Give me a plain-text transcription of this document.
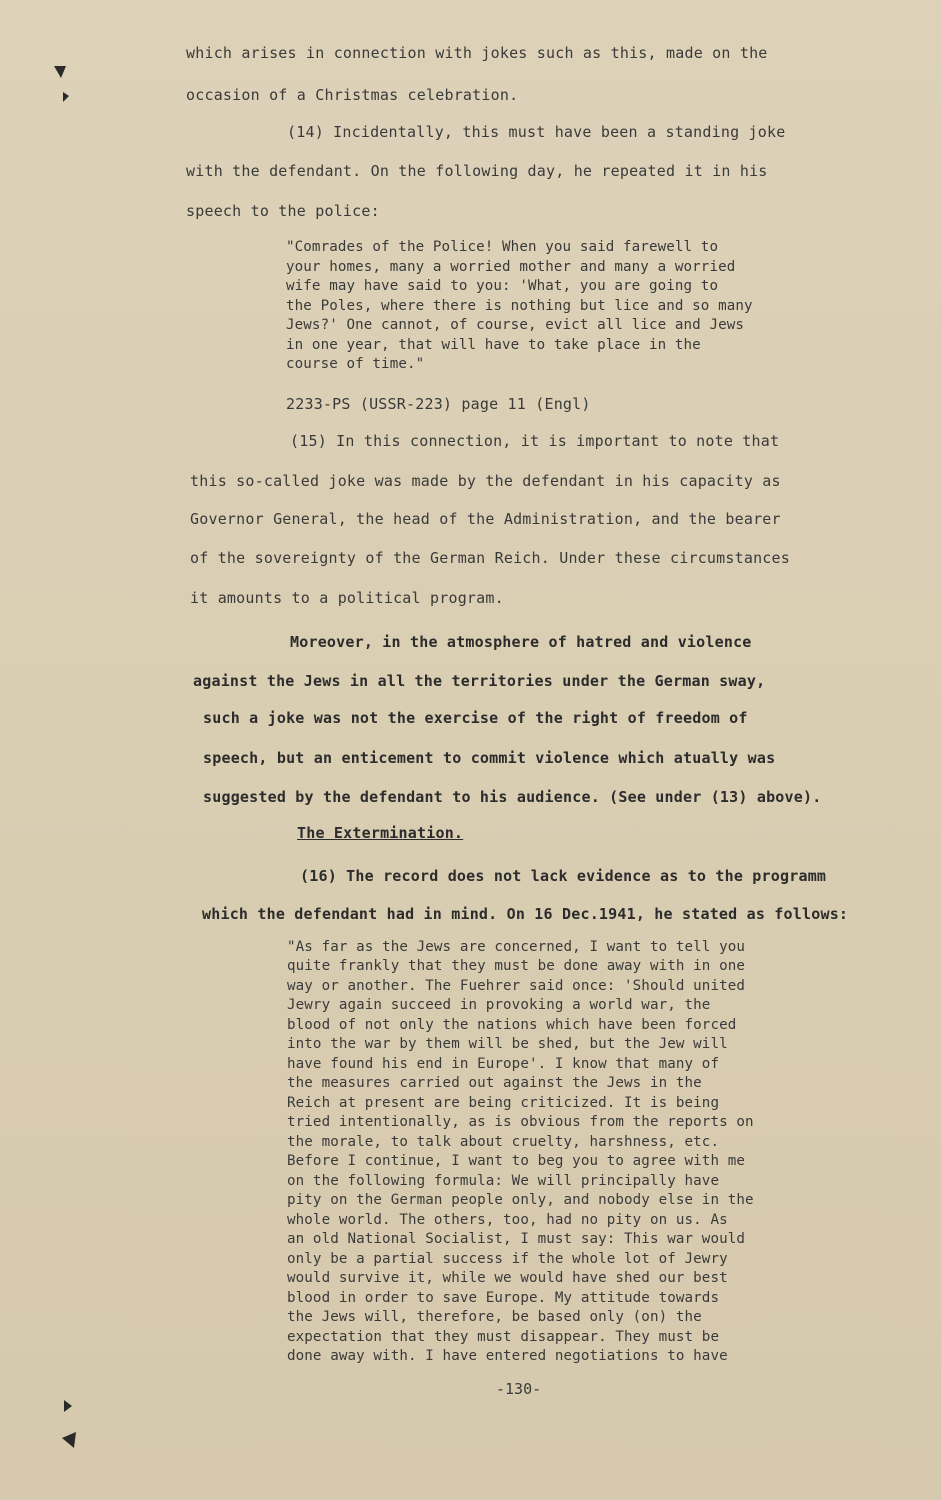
which arises in connection with jokes such as this, made on the
occasion of a Christmas celebration.
(14) Incidentally, this must have been a standing joke
with the defendant. On the following day, he repeated it in his
speech to the police:
"Comrades of the Police! When you said farewell to
your homes, many a worried mother and many a worried
wife may have said to you: 'What, you are going to
the Poles, where there is nothing but lice and so many
Jews?' One cannot, of course, evict all lice and Jews
in one year, that will have to take place in the
course of time."
2233-PS (USSR-223) page 11 (Engl)
(15) In this connection, it is important to note that
this so-called joke was made by the defendant in his capacity as
Governor General, the head of the Administration, and the bearer
of the sovereignty of the German Reich. Under these circumstances
it amounts to a political program.
Moreover, in the atmosphere of hatred and violence
against the Jews in all the territories under the German sway,
such a joke was not the exercise of the right of freedom of
speech, but an enticement to commit violence which atually was
suggested by the defendant to his audience. (See under (13) above).
The Extermination.
(16) The record does not lack evidence as to the programm
which the defendant had in mind. On 16 Dec.1941, he stated as follows:
"As far as the Jews are concerned, I want to tell you
quite frankly that they must be done away with in one
way or another. The Fuehrer said once: 'Should united
Jewry again succeed in provoking a world war, the
blood of not only the nations which have been forced
into the war by them will be shed, but the Jew will
have found his end in Europe'. I know that many of
the measures carried out against the Jews in the
Reich at present are being criticized. It is being
tried intentionally, as is obvious from the reports on
the morale, to talk about cruelty, harshness, etc.
Before I continue, I want to beg you to agree with me
on the following formula: We will principally have
pity on the German people only, and nobody else in the
whole world. The others, too, had no pity on us. As
an old National Socialist, I must say: This war would
only be a partial success if the whole lot of Jewry
would survive it, while we would have shed our best
blood in order to save Europe. My attitude towards
the Jews will, therefore, be based only (on) the
expectation that they must disappear. They must be
done away with. I have entered negotiations to have
-130-
